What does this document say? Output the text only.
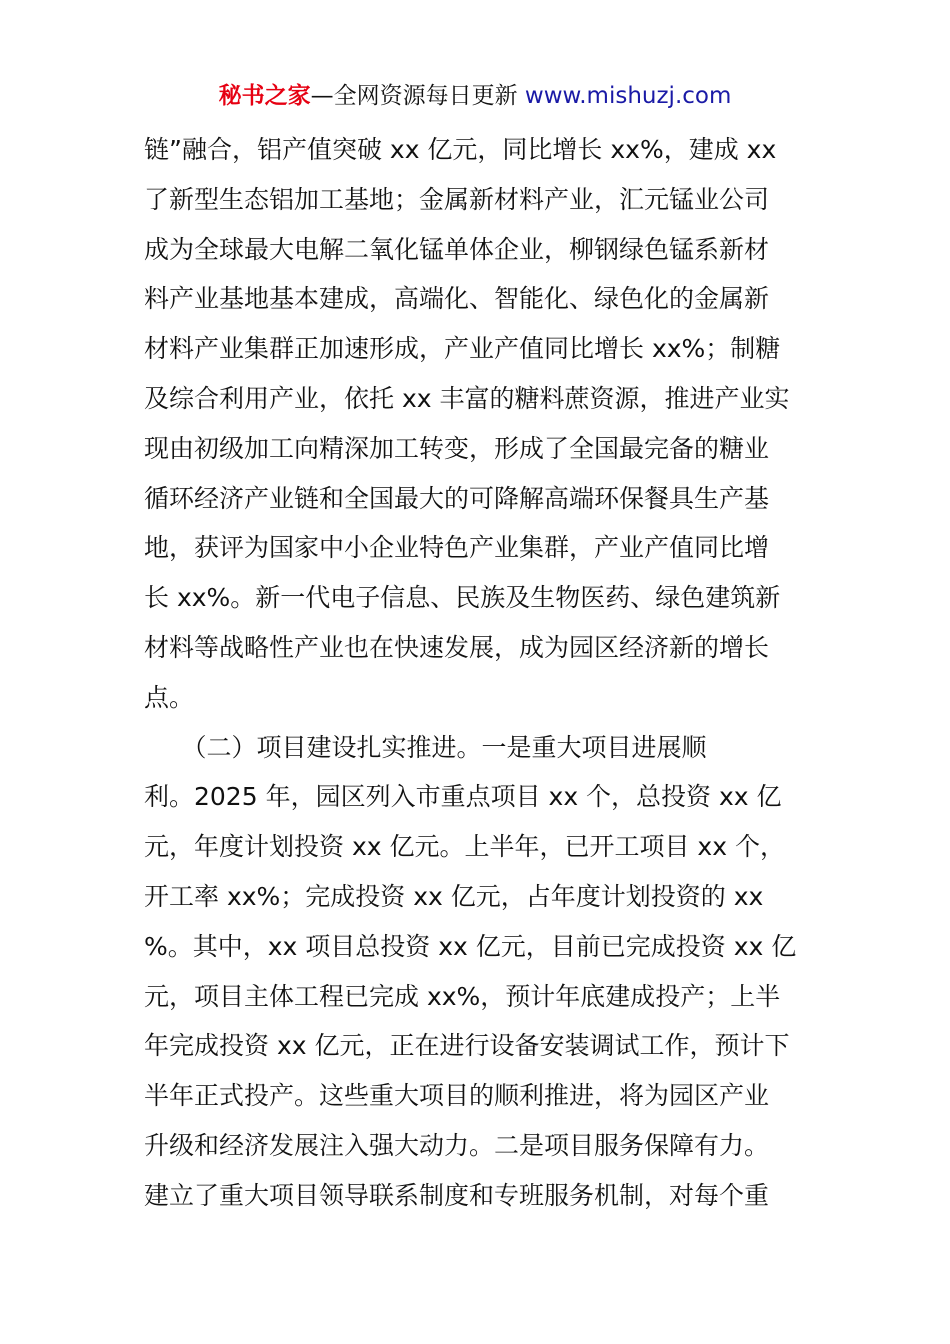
秘书之家—全网资源每日更新 www.mishuzj.com
链”融合，铝产值突破 xx 亿元，同比增长 xx%，建成 xx
了新型生态铝加工基地；金属新材料产业，汇元锰业公司
成为全球最大电解二氧化锰单体企业，柳钢绿色锰系新材
料产业基地基本建成，高端化、智能化、绿色化的金属新
材料产业集群正加速形成，产业产值同比增长 xx%；制糖
及综合利用产业，依托 xx 丰富的糖料蔗资源，推进产业实
现由初级加工向精深加工转变，形成了全国最完备的糖业
循环经济产业链和全国最大的可降解高端环保餐具生产基
地，获评为国家中小企业特色产业集群，产业产值同比增
长 xx%。新一代电子信息、民族及生物医药、绿色建筑新
材料等战略性产业也在快速发展，成为园区经济新的增长
点。
　　（二）项目建设扎实推进。一是重大项目进展顺
利。2025 年，园区列入市重点项目 xx 个，总投资 xx 亿
元，年度计划投资 xx 亿元。上半年，已开工项目 xx 个，
开工率 xx%；完成投资 xx 亿元，占年度计划投资的 xx
%。其中，xx 项目总投资 xx 亿元，目前已完成投资 xx 亿
元，项目主体工程已完成 xx%，预计年底建成投产；上半
年完成投资 xx 亿元，正在进行设备安装调试工作，预计下
半年正式投产。这些重大项目的顺利推进，将为园区产业
升级和经济发展注入强大动力。二是项目服务保障有力。
建立了重大项目领导联系制度和专班服务机制，对每个重
